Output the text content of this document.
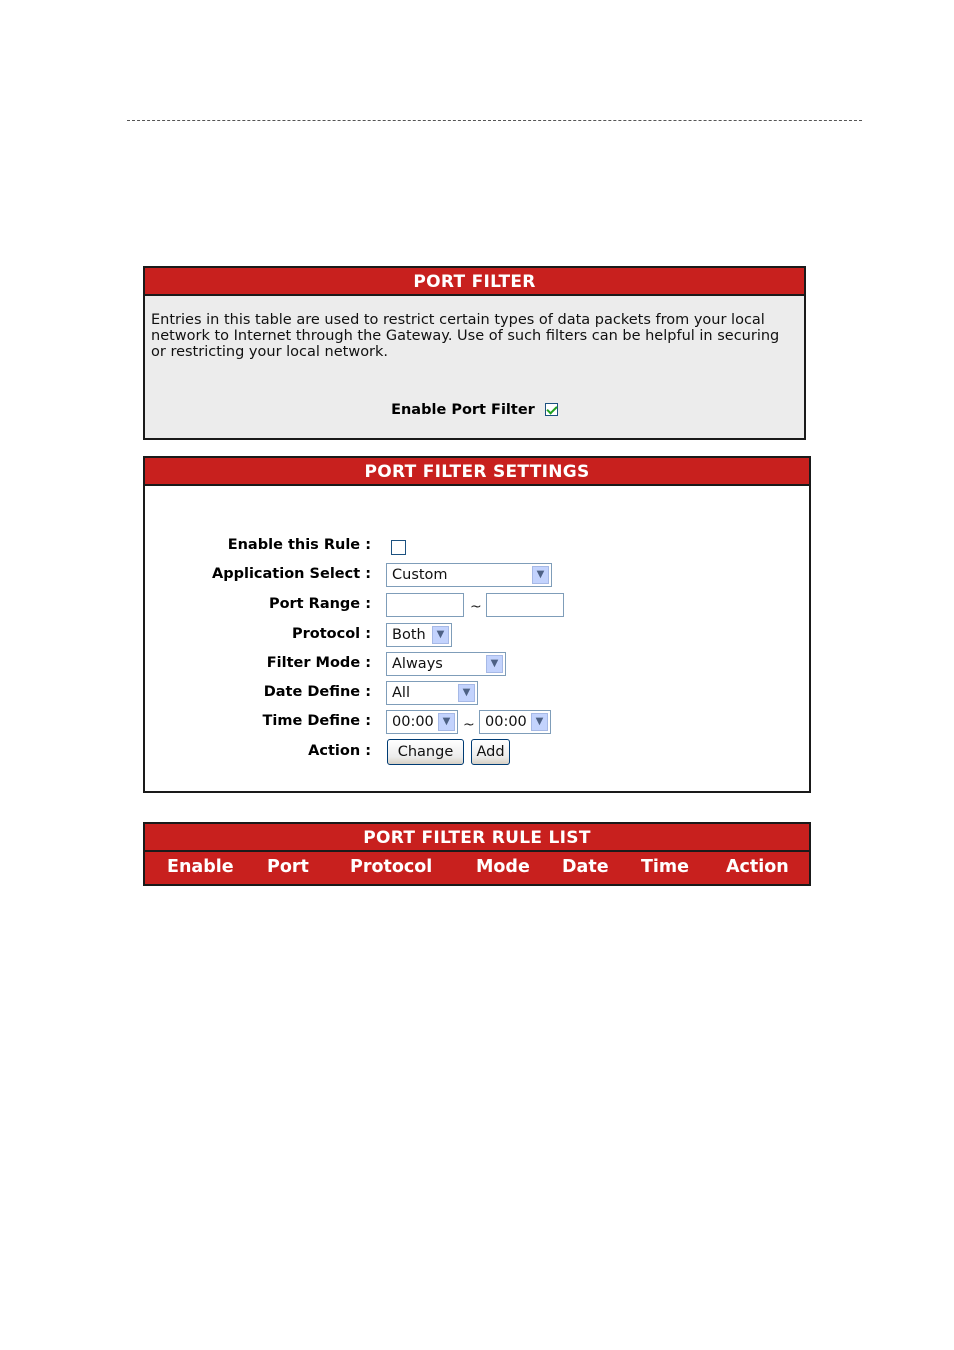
PORT FILTER
Entries in this table are used to restrict certain types of data packets from your local network to Internet through the Gateway. Use of such filters can be helpful in securing or restricting your local network.
Enable Port Filter
PORT FILTER SETTINGS
Enable this Rule :
Application Select :	Custom	▼
Port Range :	~
Protocol :	Both	▼
Filter Mode :	Always	▼
Date Define :	All	▼
Time Define :	00:00 ▼ ~ 00:00 ▼
Action :	Change	Add
PORT FILTER RULE LIST
Enable Port Protocol Mode Date Time Action
